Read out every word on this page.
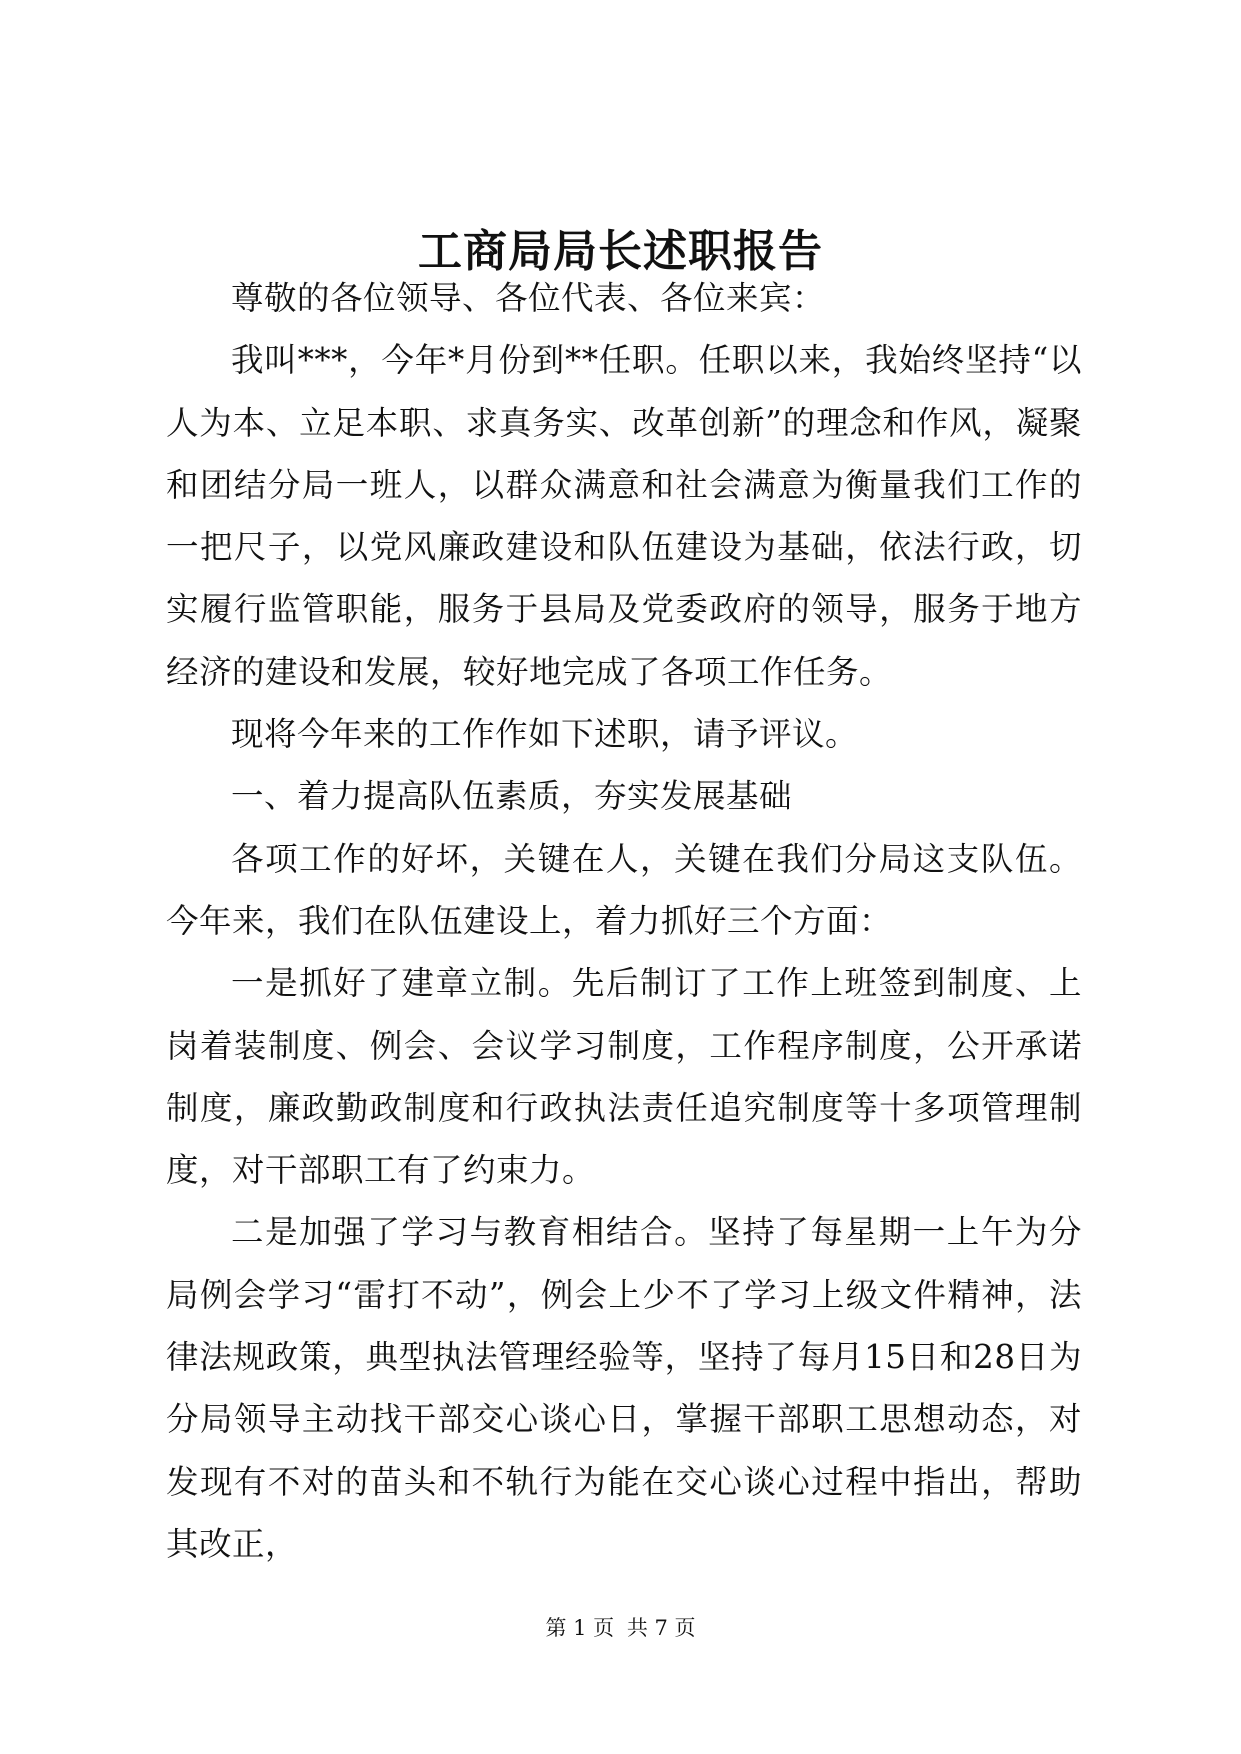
工商局局长述职报告

尊敬的各位领导、各位代表、各位来宾：

我叫***，今年*月份到**任职。任职以来，我始终坚持“以人为本、立足本职、求真务实、改革创新”的理念和作风，凝聚和团结分局一班人，以群众满意和社会满意为衡量我们工作的一把尺子，以党风廉政建设和队伍建设为基础，依法行政，切实履行监管职能，服务于县局及党委政府的领导，服务于地方经济的建设和发展，较好地完成了各项工作任务。

现将今年来的工作作如下述职，请予评议。

一、着力提高队伍素质，夯实发展基础

各项工作的好坏，关键在人，关键在我们分局这支队伍。今年来，我们在队伍建设上，着力抓好三个方面：

一是抓好了建章立制。先后制订了工作上班签到制度、上岗着装制度、例会、会议学习制度，工作程序制度，公开承诺制度，廉政勤政制度和行政执法责任追究制度等十多项管理制度，对干部职工有了约束力。

二是加强了学习与教育相结合。坚持了每星期一上午为分局例会学习“雷打不动”，例会上少不了学习上级文件精神，法律法规政策，典型执法管理经验等，坚持了每月15日和28日为分局领导主动找干部交心谈心日，掌握干部职工思想动态，对发现有不对的苗头和不轨行为能在交心谈心过程中指出，帮助其改正，

第 1 页 共 7 页
